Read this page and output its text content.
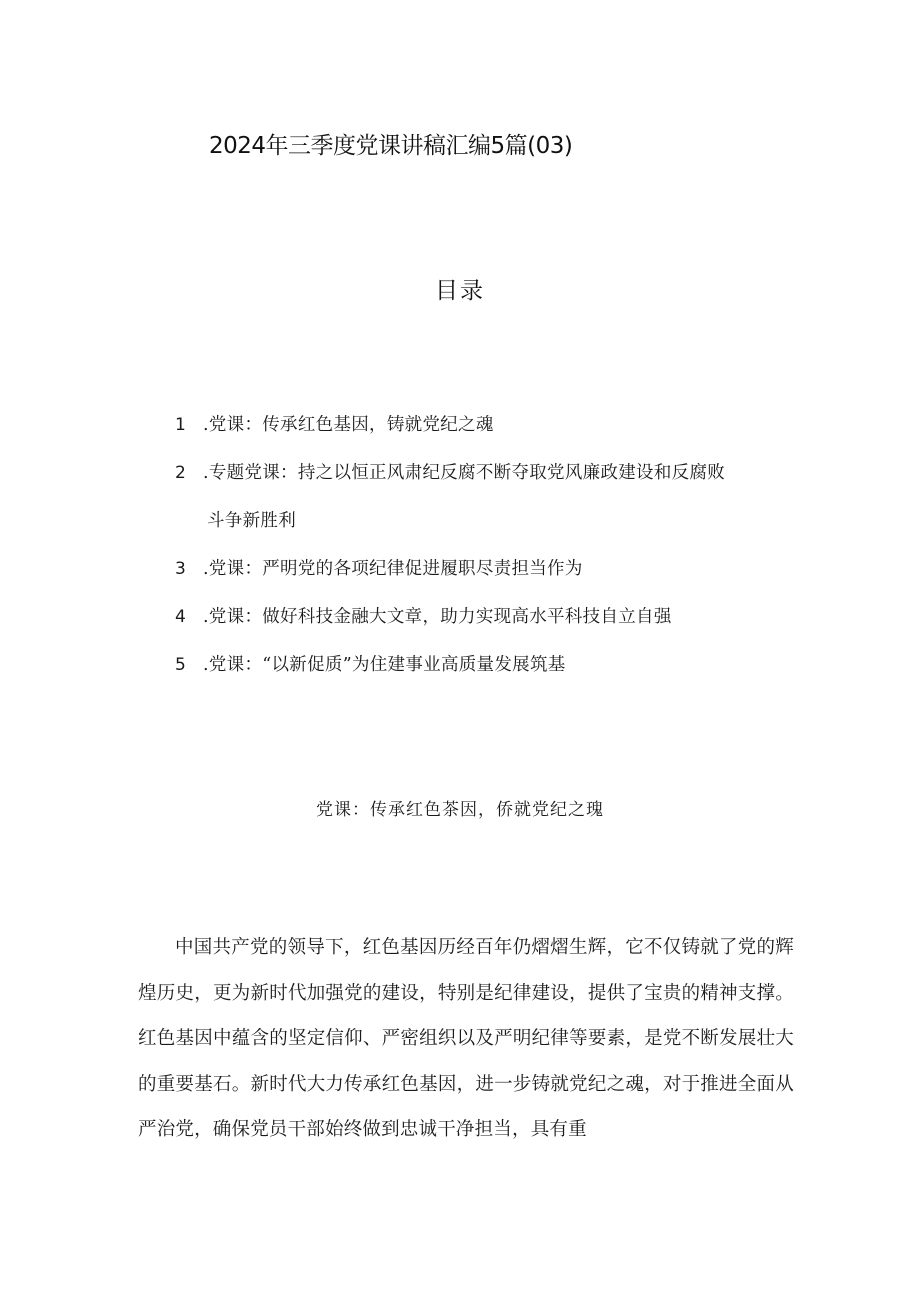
2024年三季度党课讲稿汇编5篇(03)
目录
1 .党课：传承红色基因，铸就党纪之魂
2 .专题党课：持之以恒正风肃纪反腐不断夺取党风廉政建设和反腐败
斗争新胜利
3 .党课：严明党的各项纪律促进履职尽责担当作为
4 .党课：做好科技金融大文章，助力实现高水平科技自立自强
5 .党课：“以新促质”为住建事业高质量发展筑基
党课：传承红色茶因，侨就党纪之瑰

中国共产党的领导下，红色基因历经百年仍熠熠生辉，它不仅铸就了党的辉煌历史，更为新时代加强党的建设，特别是纪律建设，提供了宝贵的精神支撑。红色基因中蕴含的坚定信仰、严密组织以及严明纪律等要素，是党不断发展壮大的重要基石。新时代大力传承红色基因，进一步铸就党纪之魂，对于推进全面从严治党，确保党员干部始终做到忠诚干净担当，具有重
